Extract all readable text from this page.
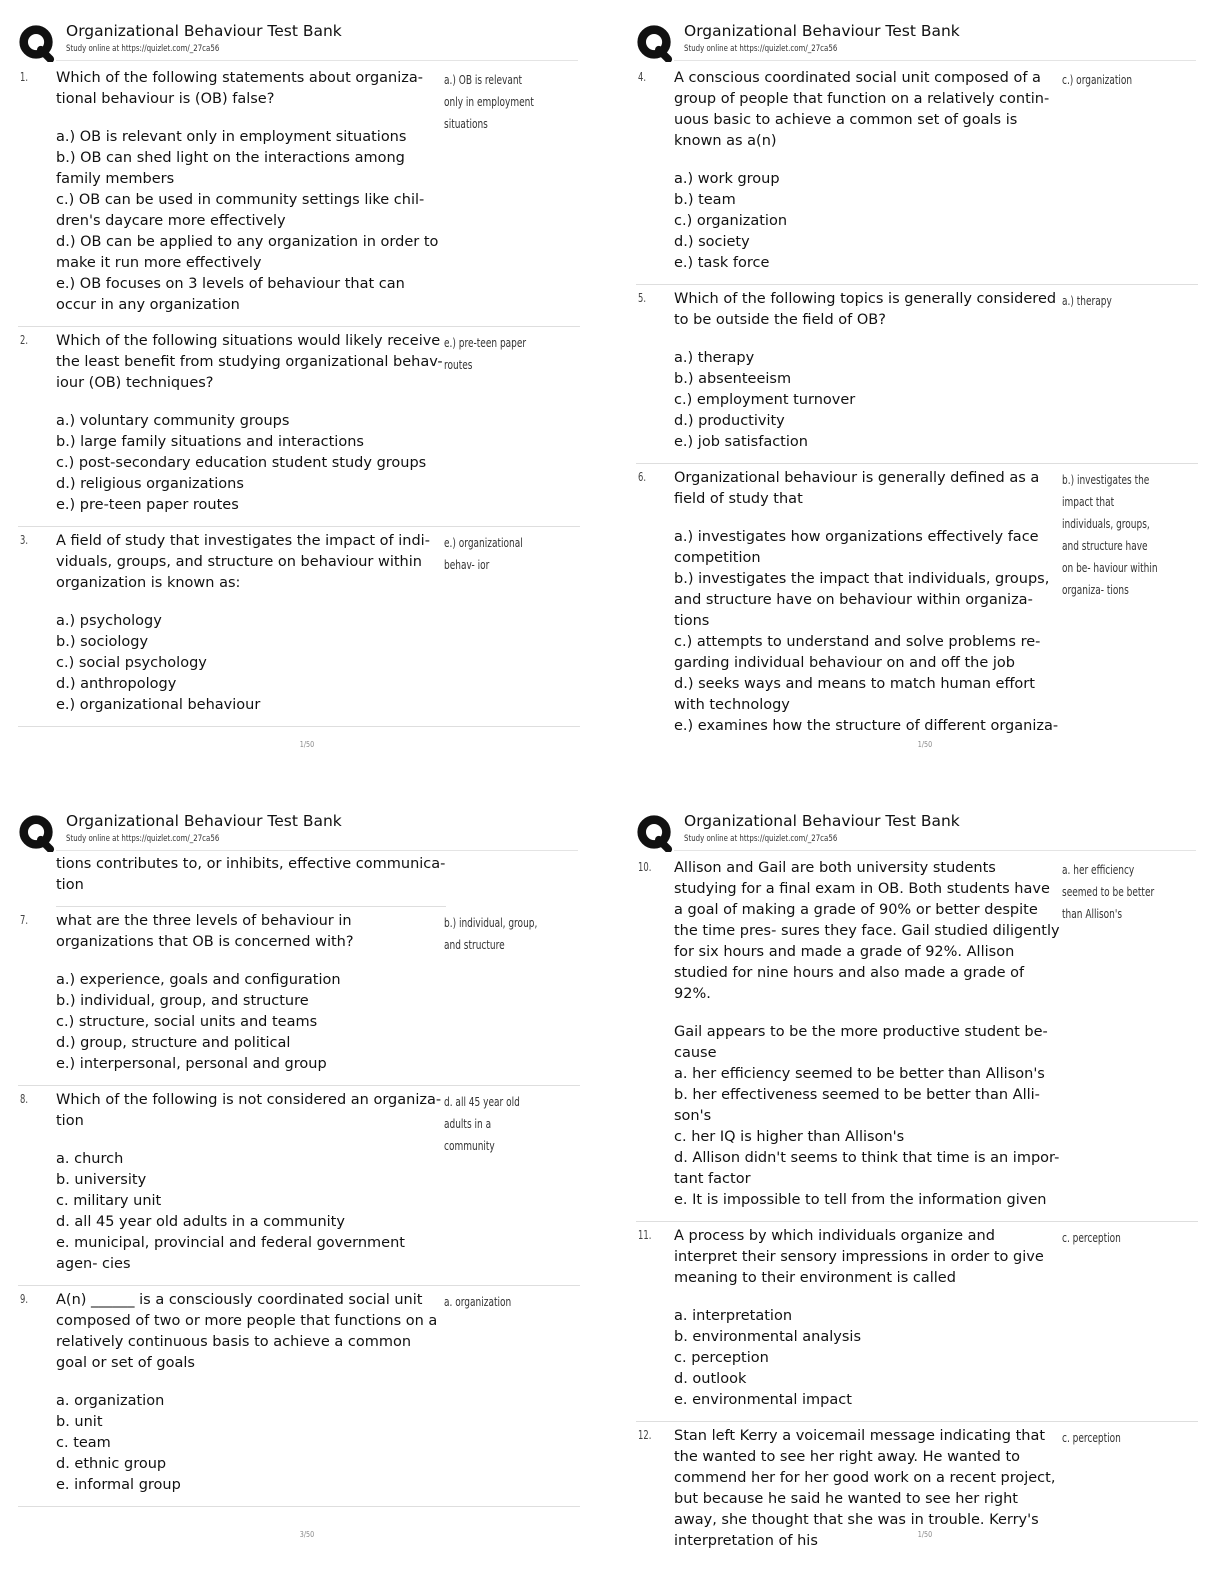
Organizational Behaviour Test Bank
Study online at https://quizlet.com/_27ca56
1. Which of the following statements about organiza- tional behaviour is (OB) false?
a.) OB is relevant only in employment situations
a.) OB is relevant only in employment situations
b.) OB can shed light on the interactions among family members
c.) OB can be used in community settings like chil- dren's daycare more effectively
d.) OB can be applied to any organization in order to make it run more effectively
e.) OB focuses on 3 levels of behaviour that can occur in any organization
2. Which of the following situations would likely receive the least benefit from studying organizational behav- iour (OB) techniques?
e.) pre-teen paper routes
a.) voluntary community groups
b.) large family situations and interactions
c.) post-secondary education student study groups
d.) religious organizations
e.) pre-teen paper routes
3. A field of study that investigates the impact of indi- viduals, groups, and structure on behaviour within organization is known as:
e.) organizational behav- ior
a.) psychology
b.) sociology
c.) social psychology
d.) anthropology
e.) organizational behaviour
1/50
Organizational Behaviour Test Bank
Study online at https://quizlet.com/_27ca56
4. A conscious coordinated social unit composed of a group of people that function on a relatively contin- uous basic to achieve a common set of goals is known as a(n)
c.) organization
a.) work group
b.) team
c.) organization
d.) society
e.) task force
5. Which of the following topics is generally considered to be outside the field of OB?
a.) therapy
a.) therapy
b.) absenteeism
c.) employment turnover
d.) productivity
e.) job satisfaction
6. Organizational behaviour is generally defined as a field of study that
b.) investigates the impact that individuals, groups, and structure have on be- haviour within organiza- tions
a.) investigates how organizations effectively face competition
b.) investigates the impact that individuals, groups, and structure have on behaviour within organiza- tions
c.) attempts to understand and solve problems re- garding individual behaviour on and off the job
d.) seeks ways and means to match human effort with technology
e.) examines how the structure of different organiza-
1/50
Organizational Behaviour Test Bank
Study online at https://quizlet.com/_27ca56
tions contributes to, or inhibits, effective communica- tion
7. what are the three levels of behaviour in organizations that OB is concerned with?
b.) individual, group, and structure
a.) experience, goals and configuration
b.) individual, group, and structure
c.) structure, social units and teams
d.) group, structure and political
e.) interpersonal, personal and group
8. Which of the following is not considered an organiza- tion
d. all 45 year old adults in a community
a. church
b. university
c. military unit
d. all 45 year old adults in a community
e. municipal, provincial and federal government agen- cies
9. A(n) ______ is a consciously coordinated social unit composed of two or more people that functions on a relatively continuous basis to achieve a common goal or set of goals
a. organization
a. organization
b. unit
c. team
d. ethnic group
e. informal group
3/50
Organizational Behaviour Test Bank
Study online at https://quizlet.com/_27ca56
10. Allison and Gail are both university students studying for a final exam in OB. Both students have a goal of making a grade of 90% or better despite the time pres- sures they face. Gail studied diligently for six hours and made a grade of 92%. Allison studied for nine hours and also made a grade of 92%.
a. her efficiency seemed to be better than Allison's
Gail appears to be the more productive student be- cause
a. her efficiency seemed to be better than Allison's
b. her effectiveness seemed to be better than Alli- son's
c. her IQ is higher than Allison's
d. Allison didn't seems to think that time is an impor- tant factor
e. It is impossible to tell from the information given
11. A process by which individuals organize and interpret their sensory impressions in order to give meaning to their environment is called
c. perception
a. interpretation
b. environmental analysis
c. perception
d. outlook
e. environmental impact
12. Stan left Kerry a voicemail message indicating that the wanted to see her right away. He wanted to commend her for her good work on a recent project, but because he said he wanted to see her right away, she thought that she was in trouble. Kerry's interpretation of his
c. perception
1/50
